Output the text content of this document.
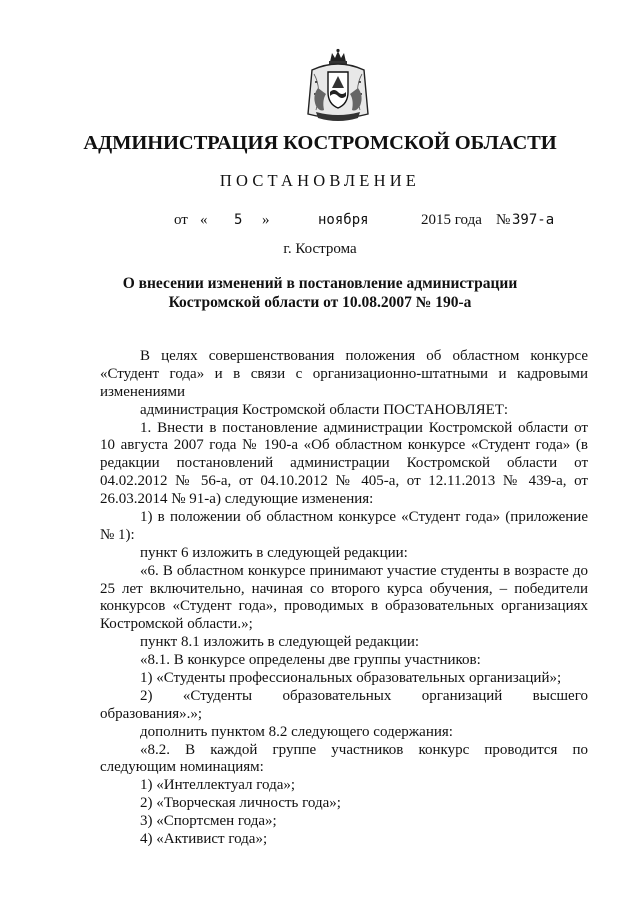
АДМИНИСТРАЦИЯ КОСТРОМСКОЙ ОБЛАСТИ
ПОСТАНОВЛЕНИЕ
от « 5 »	ноября	2015 года № 397-а
г. Кострома
О внесении изменений в постановление администрации
Костромской области от 10.08.2007 № 190-а
В целях совершенствования положения об областном конкурсе
«Студент года» и в связи с организационно-штатными и кадровыми
изменениями
администрация Костромской области ПОСТАНОВЛЯЕТ:
1. Внести в постановление администрации Костромской области от
10 августа 2007 года № 190-а «Об областном конкурсе «Студент года» (в
редакции постановлений администрации Костромской области от
04.02.2012 № 56-а, от 04.10.2012 № 405-а, от 12.11.2013 № 439-а, от
26.03.2014 № 91-а) следующие изменения:
1) в положении об областном конкурсе «Студент года» (приложение
№ 1):
пункт 6 изложить в следующей редакции:
«6. В областном конкурсе принимают участие студенты в возрасте до
25 лет включительно, начиная со второго курса обучения, – победители
конкурсов «Студент года», проводимых в образовательных организациях
Костромской области.»;
пункт 8.1 изложить в следующей редакции:
«8.1. В конкурсе определены две группы участников:
1) «Студенты профессиональных образовательных организаций»;
2) «Студенты образовательных организаций высшего
образования».»;
дополнить пунктом 8.2 следующего содержания:
«8.2. В каждой группе участников конкурс проводится по
следующим номинациям:
1) «Интеллектуал года»;
2) «Творческая личность года»;
3) «Спортсмен года»;
4) «Активист года»;
